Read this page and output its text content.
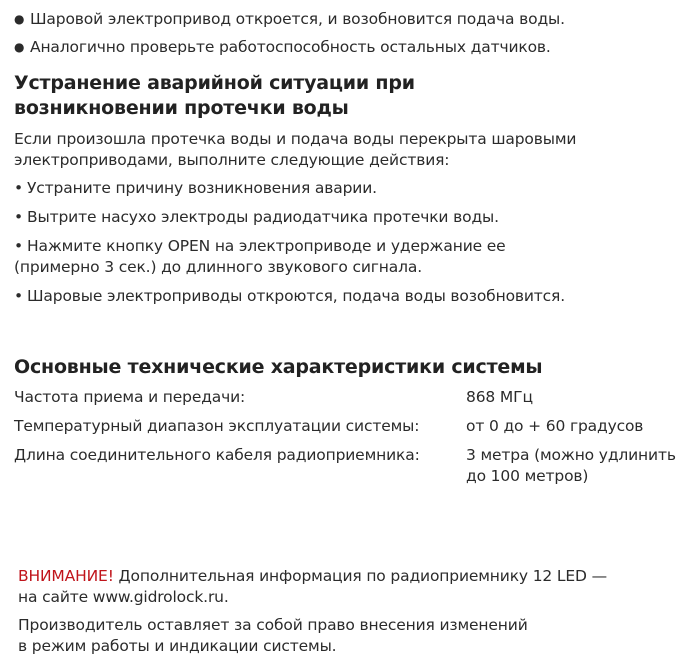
● Шаровой электропривод откроется, и возобновится подача воды.
● Аналогично проверьте работоспособность остальных датчиков.
Устранение аварийной ситуации при
возникновении протечки воды
Если произошла протечка воды и подача воды перекрыта шаровыми
электроприводами, выполните следующие действия:
• Устраните причину возникновения аварии.
• Вытрите насухо электроды радиодатчика протечки воды.
• Нажмите кнопку OPEN на электроприводе и удержание ее
(примерно 3 сек.) до длинного звукового сигнала.
• Шаровые электроприводы откроются, подача воды возобновится.
Основные технические характеристики системы
Частота приема и передачи:	868 МГц
Температурный диапазон эксплуатации системы:	от 0 до + 60 градусов
Длина соединительного кабеля радиоприемника:	3 метра (можно удлинить до 100 метров)
ВНИМАНИЕ! Дополнительная информация по радиоприемнику 12 LED —
на сайте www.gidrolock.ru.
Производитель оставляет за собой право внесения изменений
в режим работы и индикации системы.
